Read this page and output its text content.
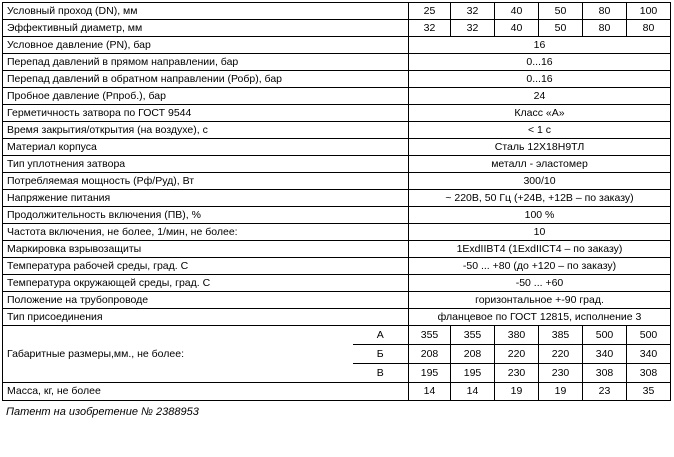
Условный проход (DN), мм		25	32	40	50	80	100
Эффективный диаметр, мм		32	32	40	50	80	80
Условное давление (PN), бар		16					
Перепад давлений в прямом направлении, бар		0...16					
Перепад давлений в обратном направлении (Робр), бар		0...16					
Пробное давление (Рпроб.), бар		24					
Герметичность затвора по ГОСТ 9544		Класс «А»					
Время закрытия/открытия (на воздухе), с		< 1 с					
Материал корпуса		Сталь 12Х18Н9ТЛ					
Тип уплотнения затвора		металл - эластомер					
Потребляемая мощность (Рф/Руд), Вт		300/10					
Напряжение питания		~ 220В, 50 Гц (+24В, +12В – по заказу)					
Продолжительность включения (ПВ), %		100 %					
Частота включения, не более, 1/мин, не более:		10					
Маркировка взрывозащиты		1ExdIIBT4 (1ExdIICT4 – по заказу)					
Температура рабочей среды, град. С		-50 ... +80 (до +120 – по заказу)					
Температура окружающей среды, град. С		-50 ... +60					
Положение на трубопроводе		горизонтальное +-90 град.					
Тип присоединения		фланцевое по ГОСТ 12815, исполнение 3					
Габаритные размеры,мм., не более:	А	355	355	380	385	500	500
	Б	208	208	220	220	340	340
	В	195	195	230	230	308	308
Масса, кг, не более		14	14	19	19	23	35
Патент на изобретение № 2388953
